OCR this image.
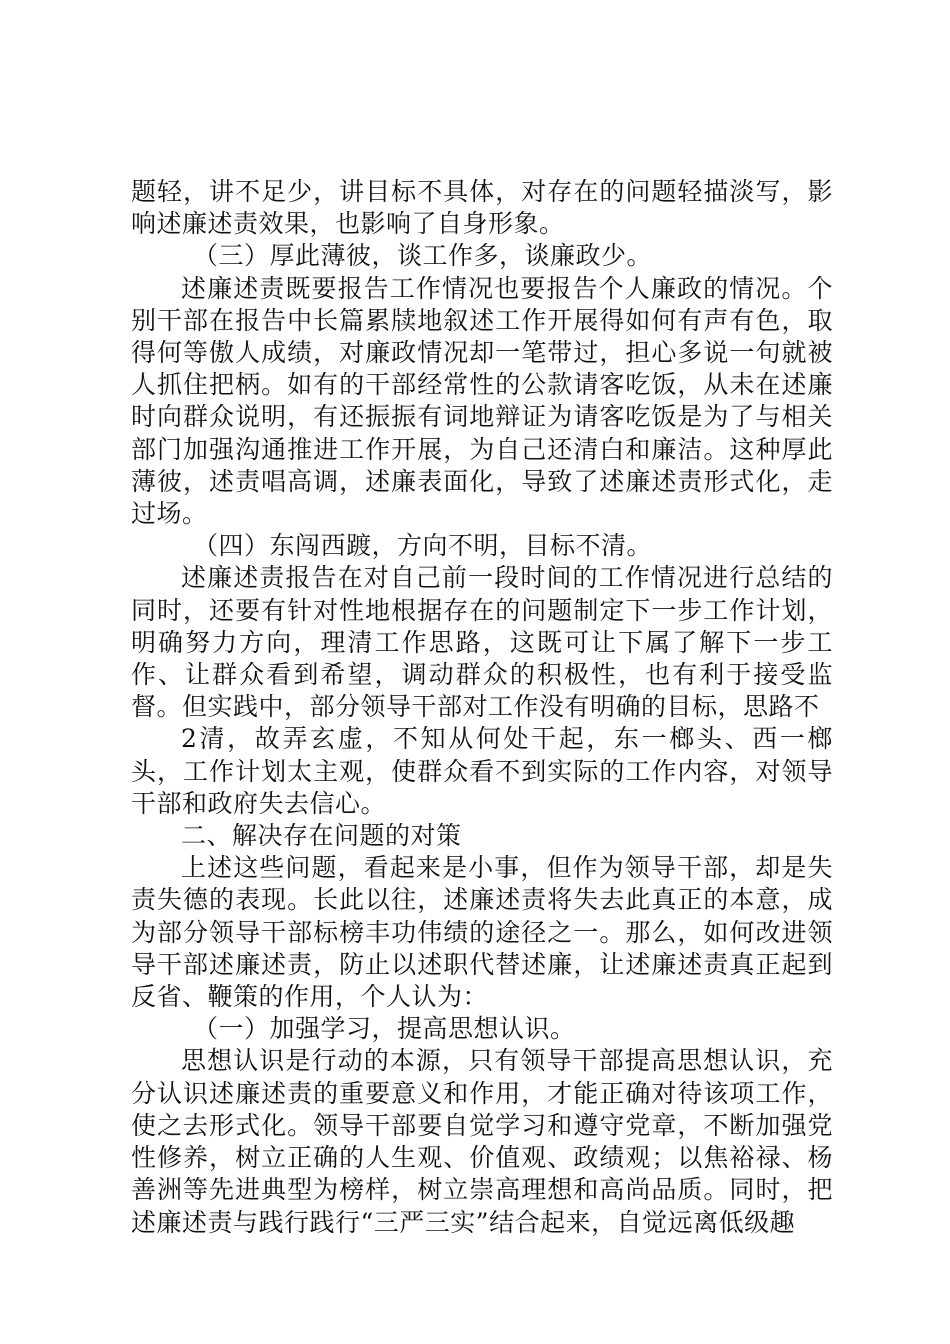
题轻，讲不足少，讲目标不具体，对存在的问题轻描淡写，影响述廉述责效果，也影响了自身形象。

（三）厚此薄彼，谈工作多，谈廉政少。

述廉述责既要报告工作情况也要报告个人廉政的情况。个别干部在报告中长篇累牍地叙述工作开展得如何有声有色，取得何等傲人成绩，对廉政情况却一笔带过，担心多说一句就被人抓住把柄。如有的干部经常性的公款请客吃饭，从未在述廉时向群众说明，有还振振有词地辩证为请客吃饭是为了与相关部门加强沟通推进工作开展，为自己还清白和廉洁。这种厚此薄彼，述责唱高调，述廉表面化，导致了述廉述责形式化，走过场。

（四）东闯西踱，方向不明，目标不清。

述廉述责报告在对自己前一段时间的工作情况进行总结的同时，还要有针对性地根据存在的问题制定下一步工作计划，明确努力方向，理清工作思路，这既可让下属了解下一步工作、让群众看到希望，调动群众的积极性，也有利于接受监督。但实践中，部分领导干部对工作没有明确的目标，思路不

2清，故弄玄虚，不知从何处干起，东一榔头、西一榔头，工作计划太主观，使群众看不到实际的工作内容，对领导干部和政府失去信心。

二、解决存在问题的对策

上述这些问题，看起来是小事，但作为领导干部，却是失责失德的表现。长此以往，述廉述责将失去此真正的本意，成为部分领导干部标榜丰功伟绩的途径之一。那么，如何改进领导干部述廉述责，防止以述职代替述廉，让述廉述责真正起到反省、鞭策的作用，个人认为：

（一）加强学习，提高思想认识。

思想认识是行动的本源，只有领导干部提高思想认识，充分认识述廉述责的重要意义和作用，才能正确对待该项工作，使之去形式化。领导干部要自觉学习和遵守党章，不断加强党性修养，树立正确的人生观、价值观、政绩观；以焦裕禄、杨善洲等先进典型为榜样，树立崇高理想和高尚品质。同时，把述廉述责与践行践行“三严三实”结合起来，自觉远离低级趣
